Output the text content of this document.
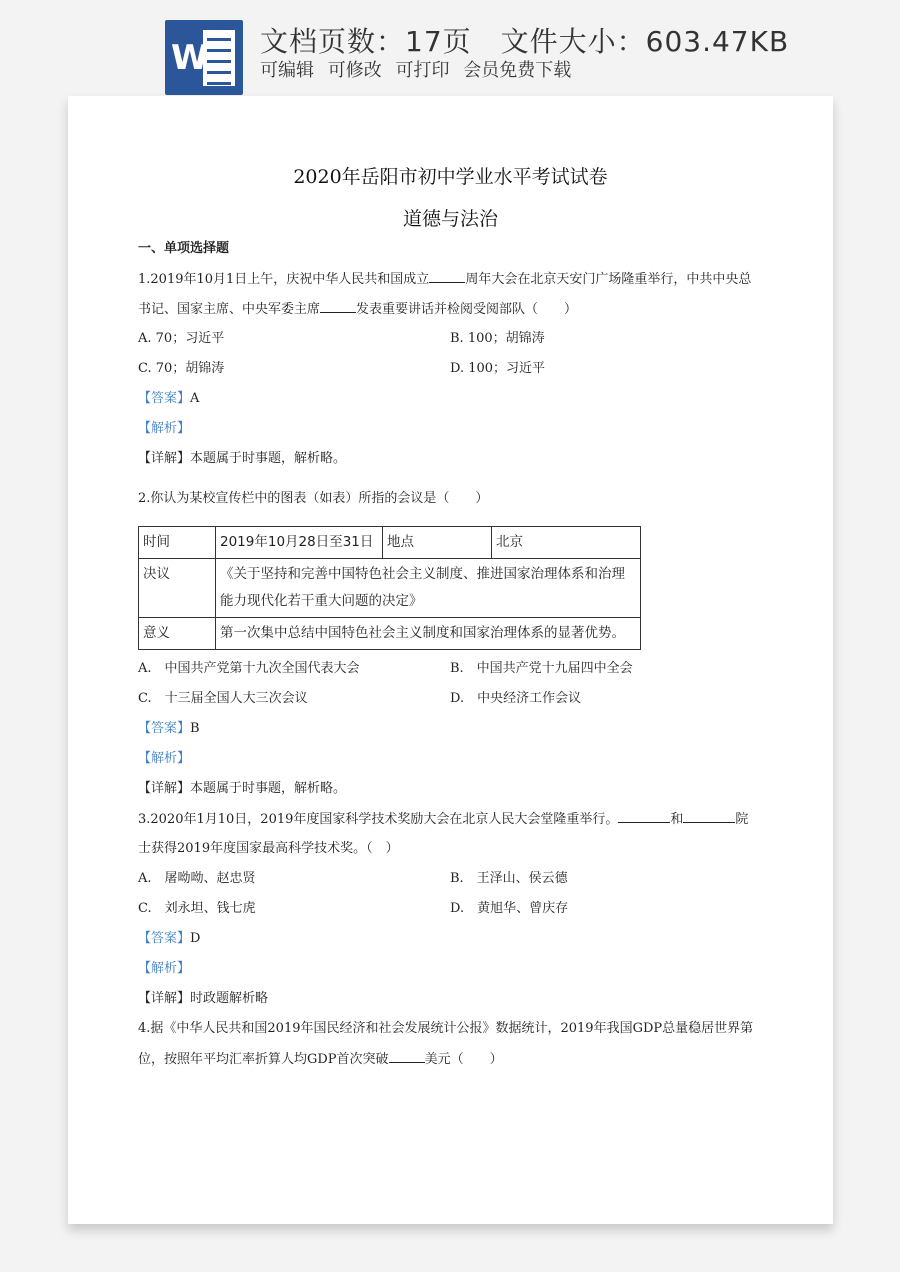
W 文档页数：17页　文件大小：603.47KB
可编辑 可修改 可打印 会员免费下载
2020年岳阳市初中学业水平考试试卷
道德与法治
一、单项选择题
1.2019年10月1日上午，庆祝中华人民共和国成立	周年大会在北京天安门广场隆重举行，中共中央总
书记、国家主席、中央军委主席	发表重要讲话并检阅受阅部队（　　）
A. 70；习近平	B. 100；胡锦涛
C. 70；胡锦涛	D. 100；习近平
【答案】A
【解析】
【详解】本题属于时事题，解析略。
2.你认为某校宣传栏中的图表（如表）所指的会议是（　　）
时间	2019年10月28日至31日	地点	北京
决议	《关于坚持和完善中国特色社会主义制度、推进国家治理体系和治理能力现代化若干重大问题的决定》		
意义	第一次集中总结中国特色社会主义制度和国家治理体系的显著优势。		
A.　中国共产党第十九次全国代表大会	B.　中国共产党十九届四中全会
C.　十三届全国人大三次会议	D.　中央经济工作会议
【答案】B
【解析】
【详解】本题属于时事题，解析略。
3.2020年1月10日，2019年度国家科学技术奖励大会在北京人民大会堂隆重举行。	和	院
士获得2019年度国家最高科学技术奖。（　）
A.　屠呦呦、赵忠贤	B.　王泽山、侯云德
C.　刘永坦、钱七虎	D.　黄旭华、曾庆存
【答案】D
【解析】
【详解】时政题解析略
4.据《中华人民共和国2019年国民经济和社会发展统计公报》数据统计，2019年我国GDP总量稳居世界第
位，按照年平均汇率折算人均GDP首次突破	美元（　　）
